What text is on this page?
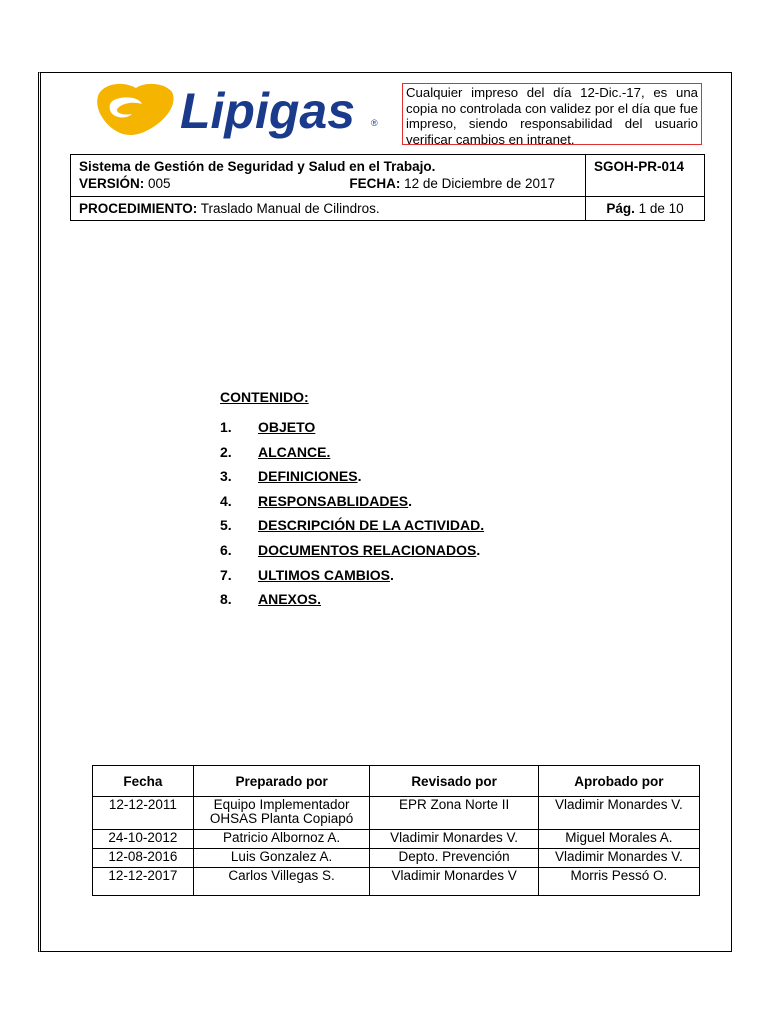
Lipigas ®
Cualquier impreso del día 12-Dic.-17, es una copia no controlada con validez por el día que fue impreso, siendo responsabilidad del usuario verificar cambios en intranet.
Sistema de Gestión de Seguridad y Salud en el Trabajo.
VERSIÓN: 005 FECHA: 12 de Diciembre de 2017	SGOH-PR-014
PROCEDIMIENTO: Traslado Manual de Cilindros.	Pág. 1 de 10
CONTENIDO:
1.	OBJETO
2.	ALCANCE.
3.	DEFINICIONES .
4.	RESPONSABLIDADES .
5.	DESCRIPCIÓN DE LA ACTIVIDAD.
6.	DOCUMENTOS RELACIONADOS .
7.	ULTIMOS CAMBIOS .
8.	ANEXOS.
Fecha	Preparado por	Revisado por	Aprobado por
12-12-2011	Equipo Implementador OHSAS Planta Copiapó	EPR Zona Norte II	Vladimir Monardes V.
24-10-2012	Patricio Albornoz A.	Vladimir Monardes V.	Miguel Morales A.
12-08-2016	Luis Gonzalez A.	Depto. Prevención	Vladimir Monardes V.
12-12-2017	Carlos Villegas S.	Vladimir Monardes V	Morris Pessó O.
